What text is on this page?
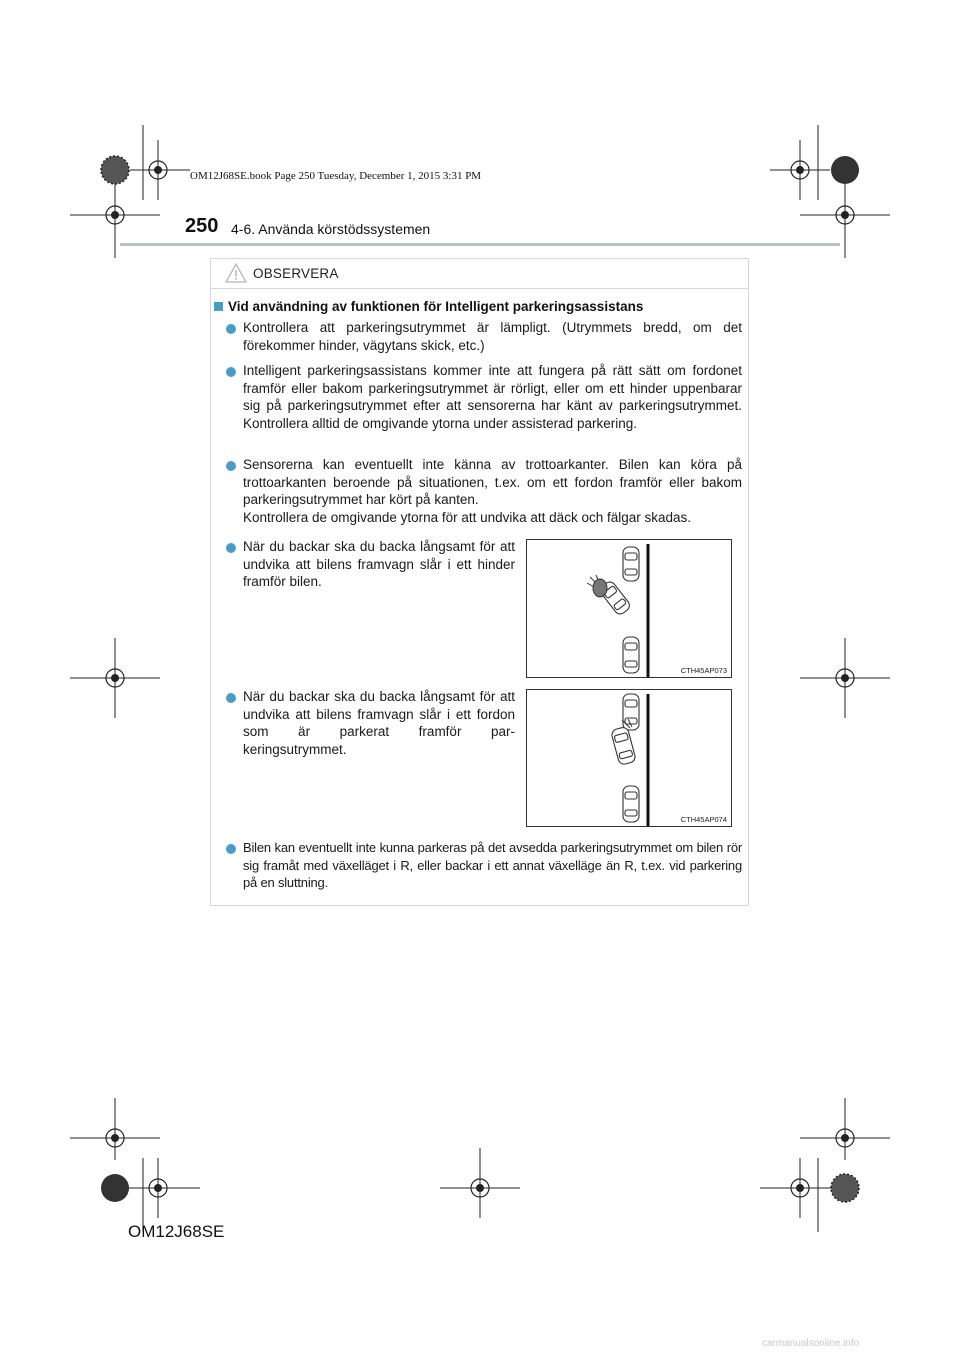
OM12J68SE.book Page 250 Tuesday, December 1, 2015 3:31 PM
250 4-6. Använda körstödssystemen
OBSERVERA
Vid användning av funktionen för Intelligent parkeringsassistans
Kontrollera att parkeringsutrymmet är lämpligt. (Utrymmets bredd, om det förekommer hinder, vägytans skick, etc.)
Intelligent parkeringsassistans kommer inte att fungera på rätt sätt om fordonet framför eller bakom parkeringsutrymmet är rörligt, eller om ett hinder uppenbarar sig på parkeringsutrymmet efter att sensorerna har känt av parkeringsutrymmet. Kontrollera alltid de omgivande ytorna under assisterad parkering.
Sensorerna kan eventuellt inte känna av trottoarkanter. Bilen kan köra på trottoarkanten beroende på situationen, t.ex. om ett fordon framför eller bakom parkeringsutrymmet har kört på kanten.
Kontrollera de omgivande ytorna för att undvika att däck och fälgar skadas.
När du backar ska du backa långsamt för att undvika att bilens framvagn slår i ett hinder framför bilen.
CTH45AP073
När du backar ska du backa långsamt för att undvika att bilens framvagn slår i ett fordon som är parkerat framför par-keringsutrymmet.
CTH45AP074
Bilen kan eventuellt inte kunna parkeras på det avsedda parkeringsutrymmet om bilen rör sig framåt med växelläget i R, eller backar i ett annat växelläge än R, t.ex. vid parkering på en sluttning.
OM12J68SE
carmanualsonline.info
